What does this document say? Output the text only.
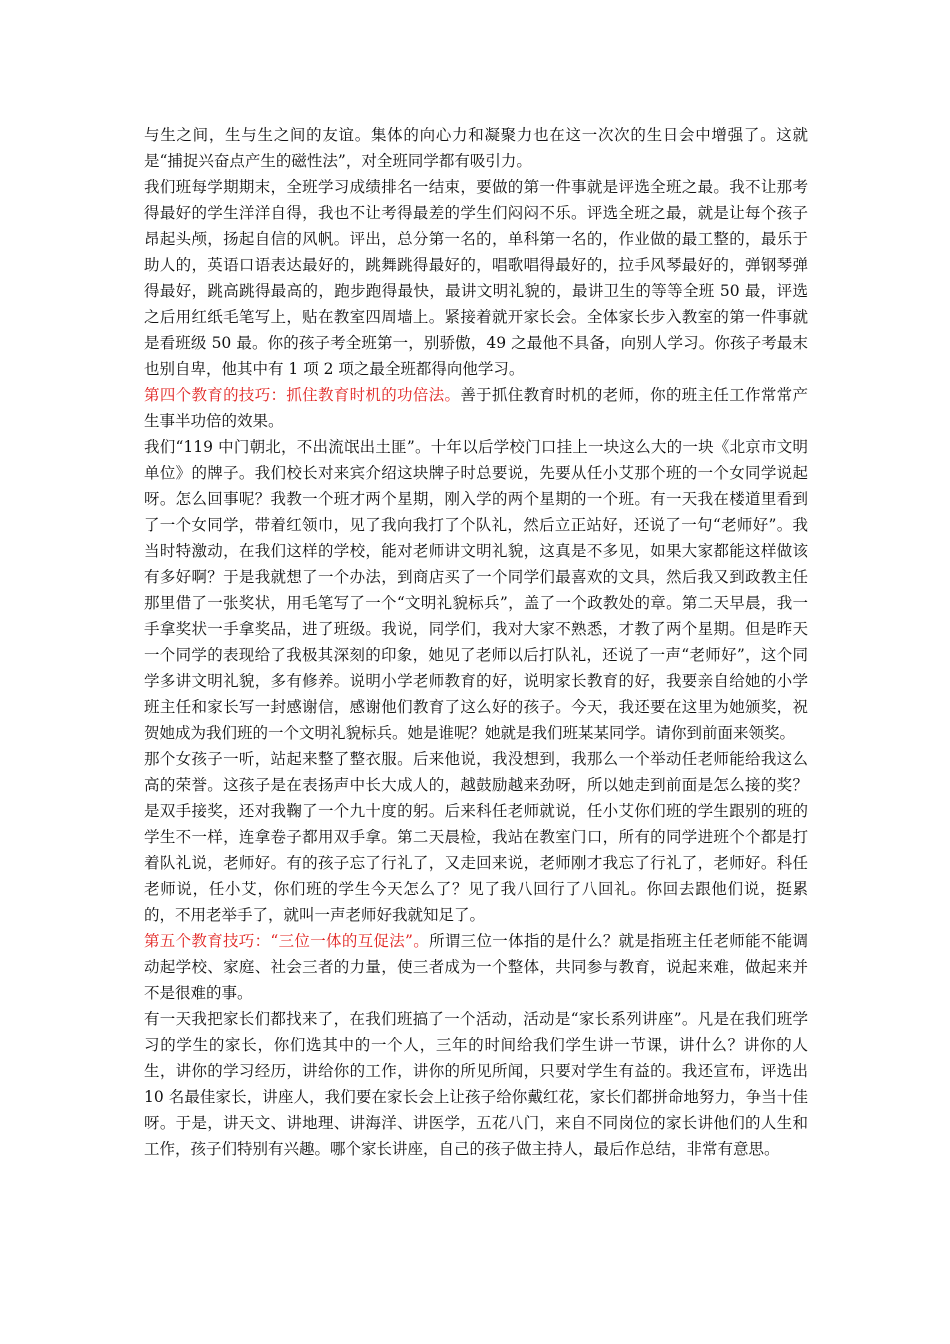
与生之间，生与生之间的友谊。集体的向心力和凝聚力也在这一次次的生日会中增强了。这就是“捕捉兴奋点产生的磁性法”，对全班同学都有吸引力。

我们班每学期期末，全班学习成绩排名一结束，要做的第一件事就是评选全班之最。我不让那考得最好的学生洋洋自得，我也不让考得最差的学生们闷闷不乐。评选全班之最，就是让每个孩子昂起头颅，扬起自信的风帆。评出，总分第一名的，单科第一名的，作业做的最工整的，最乐于助人的，英语口语表达最好的，跳舞跳得最好的，唱歌唱得最好的，拉手风琴最好的，弹钢琴弹得最好，跳高跳得最高的，跑步跑得最快，最讲文明礼貌的，最讲卫生的等等全班 50 最，评选之后用红纸毛笔写上，贴在教室四周墙上。紧接着就开家长会。全体家长步入教室的第一件事就是看班级 50 最。你的孩子考全班第一，别骄傲，49 之最他不具备，向别人学习。你孩子考最末也别自卑，他其中有 1 项 2 项之最全班都得向他学习。

第四个教育的技巧：抓住教育时机的功倍法。善于抓住教育时机的老师，你的班主任工作常常产生事半功倍的效果。

我们“119 中门朝北，不出流氓出土匪”。十年以后学校门口挂上一块这么大的一块《北京市文明单位》的牌子。我们校长对来宾介绍这块牌子时总要说，先要从任小艾那个班的一个女同学说起呀。怎么回事呢？我教一个班才两个星期，刚入学的两个星期的一个班。有一天我在楼道里看到了一个女同学，带着红领巾，见了我向我打了个队礼，然后立正站好，还说了一句“老师好”。我当时特激动，在我们这样的学校，能对老师讲文明礼貌，这真是不多见，如果大家都能这样做该有多好啊？于是我就想了一个办法，到商店买了一个同学们最喜欢的文具，然后我又到政教主任那里借了一张奖状，用毛笔写了一个“文明礼貌标兵”，盖了一个政教处的章。第二天早晨，我一手拿奖状一手拿奖品，进了班级。我说，同学们，我对大家不熟悉，才教了两个星期。但是昨天一个同学的表现给了我极其深刻的印象，她见了老师以后打队礼，还说了一声“老师好”，这个同学多讲文明礼貌，多有修养。说明小学老师教育的好，说明家长教育的好，我要亲自给她的小学班主任和家长写一封感谢信，感谢他们教育了这么好的孩子。今天，我还要在这里为她颁奖，祝贺她成为我们班的一个文明礼貌标兵。她是谁呢？她就是我们班某某同学。请你到前面来领奖。

那个女孩子一听，站起来整了整衣服。后来他说，我没想到，我那么一个举动任老师能给我这么高的荣誉。这孩子是在表扬声中长大成人的，越鼓励越来劲呀，所以她走到前面是怎么接的奖？是双手接奖，还对我鞠了一个九十度的躬。后来科任老师就说，任小艾你们班的学生跟别的班的学生不一样，连拿卷子都用双手拿。第二天晨检，我站在教室门口，所有的同学进班个个都是打着队礼说，老师好。有的孩子忘了行礼了，又走回来说，老师刚才我忘了行礼了，老师好。科任老师说，任小艾，你们班的学生今天怎么了？见了我八回行了八回礼。你回去跟他们说，挺累的，不用老举手了，就叫一声老师好我就知足了。

第五个教育技巧：“三位一体的互促法”。所谓三位一体指的是什么？就是指班主任老师能不能调动起学校、家庭、社会三者的力量，使三者成为一个整体，共同参与教育，说起来难，做起来并不是很难的事。

有一天我把家长们都找来了，在我们班搞了一个活动，活动是“家长系列讲座”。凡是在我们班学习的学生的家长，你们选其中的一个人，三年的时间给我们学生讲一节课，讲什么？讲你的人生，讲你的学习经历，讲给你的工作，讲你的所见所闻，只要对学生有益的。我还宣布，评选出 10 名最佳家长，讲座人，我们要在家长会上让孩子给你戴红花，家长们都拼命地努力，争当十佳呀。于是，讲天文、讲地理、讲海洋、讲医学，五花八门，来自不同岗位的家长讲他们的人生和工作，孩子们特别有兴趣。哪个家长讲座，自己的孩子做主持人，最后作总结，非常有意思。
